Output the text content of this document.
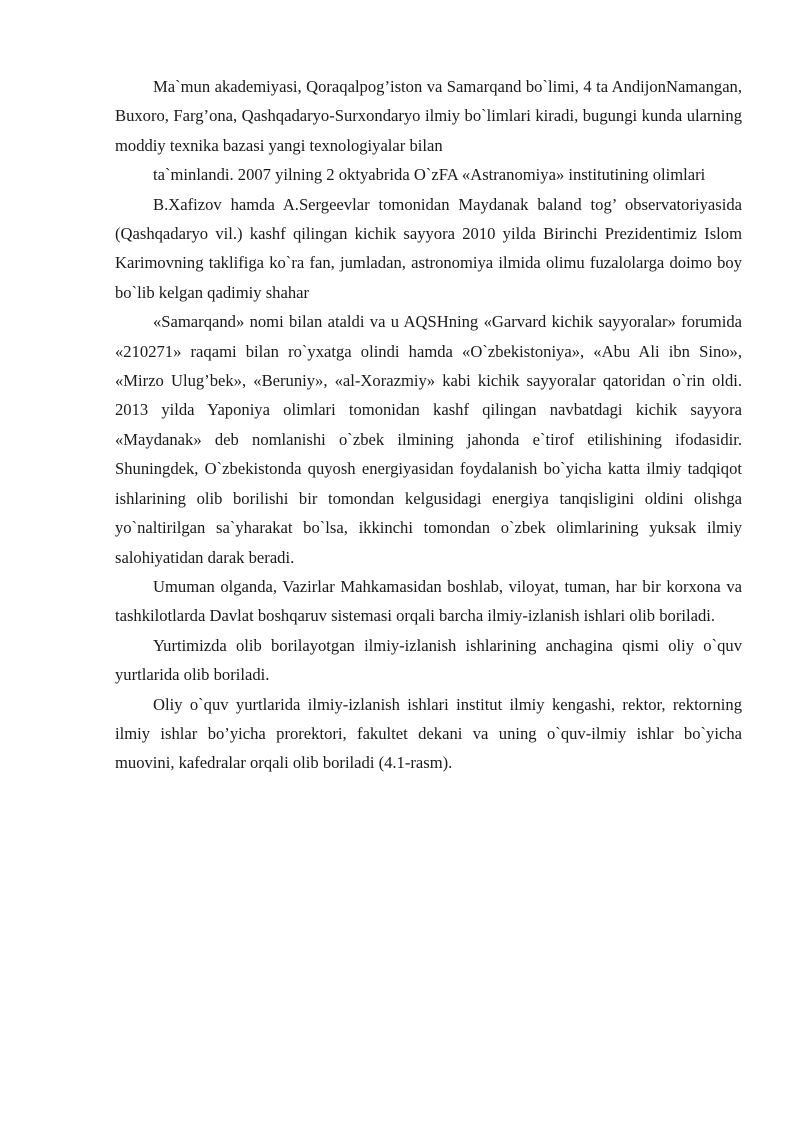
Ma`mun akademiyasi, Qoraqalpog’iston va Samarqand bo`limi, 4 ta AndijonNamangan, Buxoro, Farg’ona, Qashqadaryo-Surxondaryo ilmiy bo`limlari kiradi, bugungi kunda ularning moddiy texnika bazasi yangi texnologiyalar bilan

ta`minlandi. 2007 yilning 2 oktyabrida O`zFA «Astranomiya» institutining olimlari

B.Xafizov hamda A.Sergeevlar tomonidan Maydanak baland tog’ observatoriyasida (Qashqadaryo vil.) kashf qilingan kichik sayyora 2010 yilda Birinchi Prezidentimiz Islom Karimovning taklifiga ko`ra fan, jumladan, astronomiya ilmida olimu fuzalolarga doimo boy bo`lib kelgan qadimiy shahar

«Samarqand» nomi bilan ataldi va u AQSHning «Garvard kichik sayyoralar» forumida «210271» raqami bilan ro`yxatga olindi hamda «O`zbekistoniya», «Abu Ali ibn Sino», «Mirzo Ulug’bek», «Beruniy», «al-Xorazmiy» kabi kichik sayyoralar qatoridan o`rin oldi. 2013 yilda Yaponiya olimlari tomonidan kashf qilingan navbatdagi kichik sayyora «Maydanak» deb nomlanishi o`zbek ilmining jahonda e`tirof etilishining ifodasidir. Shuningdek, O`zbekistonda quyosh energiyasidan foydalanish bo`yicha katta ilmiy tadqiqot ishlarining olib borilishi bir tomondan kelgusidagi energiya tanqisligini oldini olishga yo`naltirilgan sa`yharakat bo`lsa, ikkinchi tomondan o`zbek olimlarining yuksak ilmiy salohiyatidan darak beradi.

Umuman olganda, Vazirlar Mahkamasidan boshlab, viloyat, tuman, har bir korxona va tashkilotlarda Davlat boshqaruv sistemasi orqali barcha ilmiy-izlanish ishlari olib borіladi.

Yurtimizda olib borilayotgan ilmiy-izlanish ishlarining anchagina qismi oliy o`quv yurtlarida olib boriladi.

Oliy o`quv yurtlarida ilmiy-izlanish ishlari institut ilmiy kengashi, rektor, rektorning ilmiy ishlar bo’yicha prorektori, fakultet dekani va uning o`quv-ilmiy ishlar bo`yicha muovini, kafedralar orqali olib boriladi (4.1-rasm).
